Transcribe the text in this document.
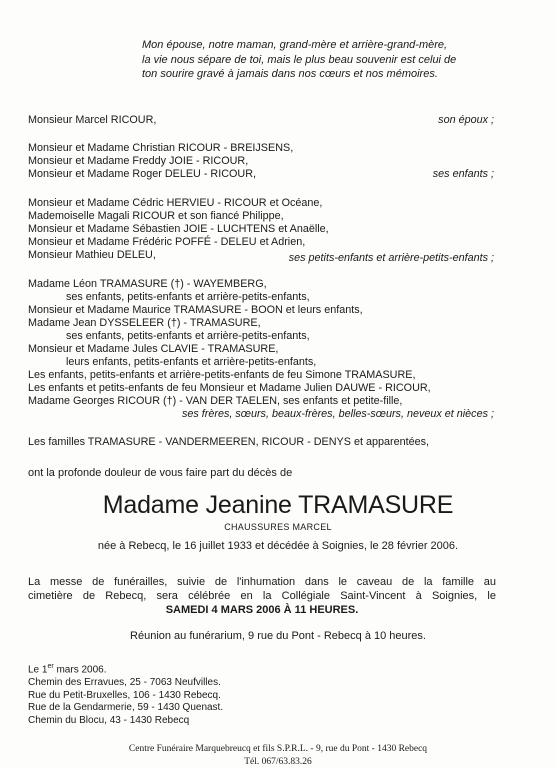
Mon épouse, notre maman, grand-mère et arrière-grand-mère,
la vie nous sépare de toi, mais le plus beau souvenir est celui de
ton sourire gravé à jamais dans nos cœurs et nos mémoires.
Monsieur Marcel RICOUR,	son époux ;
Monsieur et Madame Christian RICOUR - BREIJSENS,
Monsieur et Madame Freddy JOIE - RICOUR,
Monsieur et Madame Roger DELEU - RICOUR,	ses enfants ;
Monsieur et Madame Cédric HERVIEU - RICOUR et Océane,
Mademoiselle Magali RICOUR et son fiancé Philippe,
Monsieur et Madame Sébastien JOIE - LUCHTENS et Anaëlle,
Monsieur et Madame Frédéric POFFÉ - DELEU et Adrien,
Monsieur Mathieu DELEU,	ses petits-enfants et arrière-petits-enfants ;
Madame Léon TRAMASURE (†) - WAYEMBERG,
ses enfants, petits-enfants et arrière-petits-enfants,
Monsieur et Madame Maurice TRAMASURE - BOON et leurs enfants,
Madame Jean DYSSELEER (†) - TRAMASURE,
ses enfants, petits-enfants et arrière-petits-enfants,
Monsieur et Madame Jules CLAVIE - TRAMASURE,
leurs enfants, petits-enfants et arrière-petits-enfants,
Les enfants, petits-enfants et arrière-petits-enfants de feu Simone TRAMASURE,
Les enfants et petits-enfants de feu Monsieur et Madame Julien DAUWE - RICOUR,
Madame Georges RICOUR (†) - VAN DER TAELEN, ses enfants et petite-fille,
ses frères, sœurs, beaux-frères, belles-sœurs, neveux et nièces ;
Les familles TRAMASURE - VANDERMEEREN, RICOUR - DENYS et apparentées,
ont la profonde douleur de vous faire part du décès de
Madame Jeanine TRAMASURE
CHAUSSURES MARCEL
née à Rebecq, le 16 juillet 1933 et décédée à Soignies, le 28 février 2006.
La messe de funérailles, suivie de l'inhumation dans le caveau de la famille au
cimetière de Rebecq, sera célébrée en la Collégiale Saint-Vincent à Soignies, le
SAMEDI 4 MARS 2006 À 11 HEURES.
Réunion au funérarium, 9 rue du Pont - Rebecq à 10 heures.
Le 1er mars 2006.
Chemin des Erravues, 25 - 7063 Neufvilles.
Rue du Petit-Bruxelles, 106 - 1430 Rebecq.
Rue de la Gendarmerie, 59 - 1430 Quenast.
Chemin du Blocu, 43 - 1430 Rebecq
Centre Funéraire Marquebreucq et fils S.P.R.L. - 9, rue du Pont - 1430 Rebecq
Tél. 067/63.83.26
